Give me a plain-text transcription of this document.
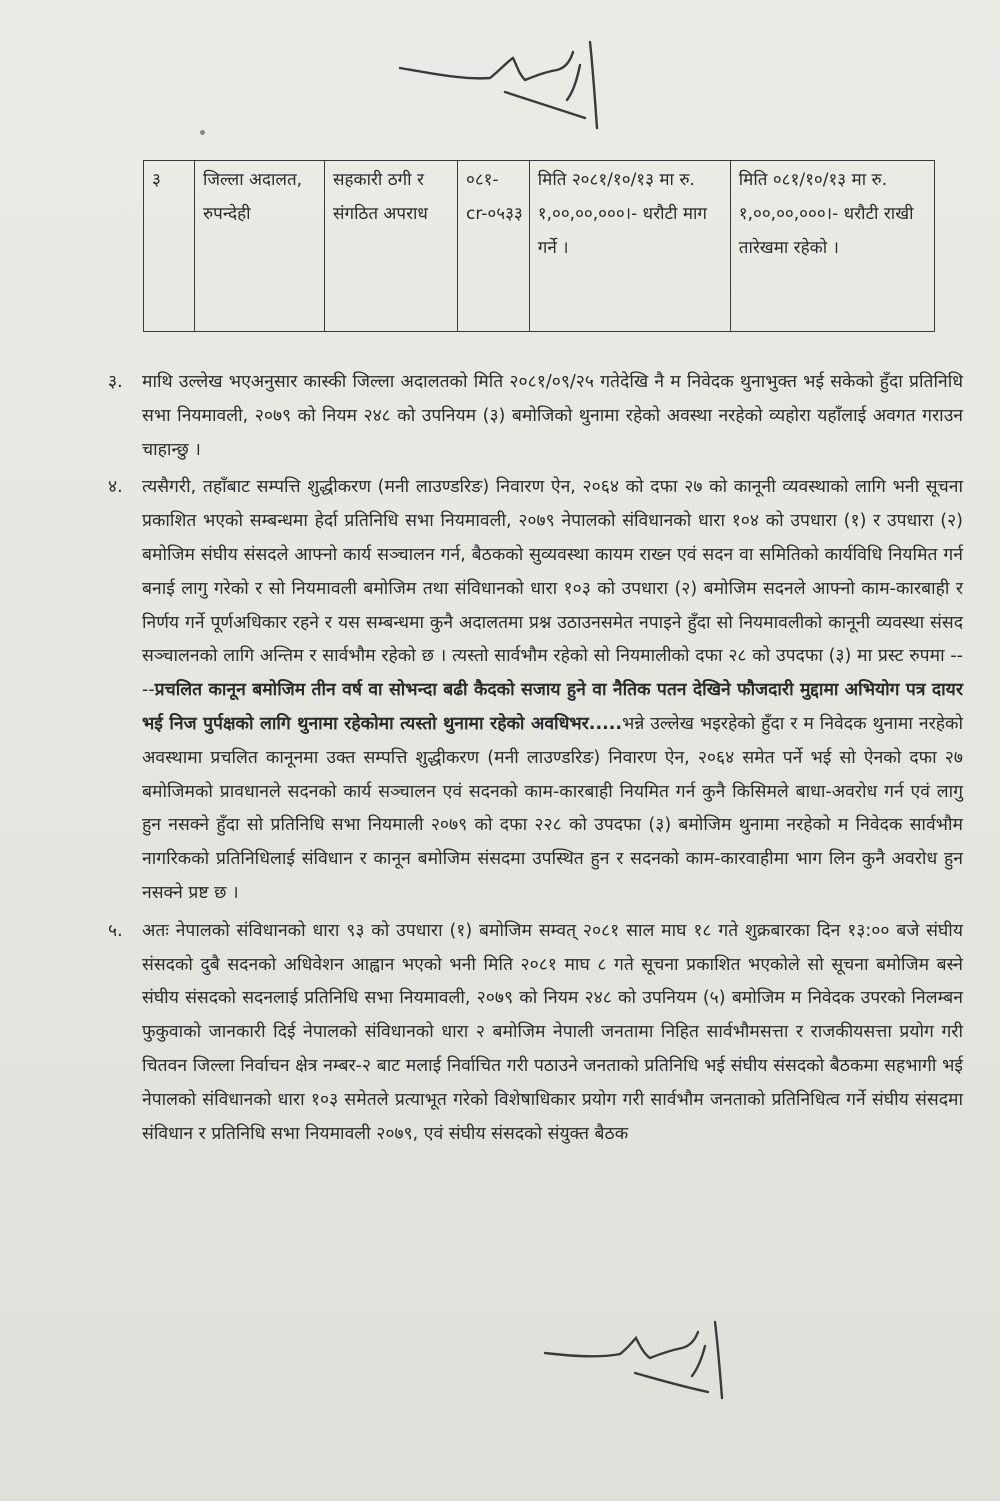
३	जिल्ला अदालत, रुपन्देही	सहकारी ठगी र संगठित अपराध	०८१-cr-०५३३	मिति २०८१/१०/१३ मा रु. १,००,००,०००।- धरौटी माग गर्ने ।	मिति ०८१/१०/१३ मा रु. १,००,००,०००।- धरौटी राखी तारेखमा रहेको ।
३.	माथि उल्लेख भएअनुसार कास्की जिल्ला अदालतको मिति २०८१/०९/२५ गतेदेखि नै म निवेदक थुनाभुक्त भई सकेको हुँदा प्रतिनिधि सभा नियमावली, २०७९ को नियम २४८ को उपनियम (३) बमोजिको थुनामा रहेको अवस्था नरहेको व्यहोरा यहाँलाई अवगत गराउन चाहान्छु ।
४.	त्यसैगरी, तहाँबाट सम्पत्ति शुद्धीकरण (मनी लाउण्डरिङ) निवारण ऐन, २०६४ को दफा २७ को कानूनी व्यवस्थाको लागि भनी सूचना प्रकाशित भएको सम्बन्धमा हेर्दा प्रतिनिधि सभा नियमावली, २०७९ नेपालको संविधानको धारा १०४ को उपधारा (१) र उपधारा (२) बमोजिम संघीय संसदले आफ्नो कार्य सञ्चालन गर्न, बैठकको सुव्यवस्था कायम राख्न एवं सदन वा समितिको कार्यविधि नियमित गर्न बनाई लागु गरेको र सो नियमावली बमोजिम तथा संविधानको धारा १०३ को उपधारा (२) बमोजिम सदनले आफ्नो काम-कारबाही र निर्णय गर्ने पूर्णअधिकार रहने र यस सम्बन्धमा कुनै अदालतमा प्रश्न उठाउनसमेत नपाइने हुँदा सो नियमावलीको कानूनी व्यवस्था संसद सञ्चालनको लागि अन्तिम र सार्वभौम रहेको छ । त्यस्तो सार्वभौम रहेको सो नियमालीको दफा २८ को उपदफा (३) मा प्रस्ट रुपमा ----प्रचलित कानून बमोजिम तीन वर्ष वा सोभन्दा बढी कैदको सजाय हुने वा नैतिक पतन देखिने फौजदारी मुद्दामा अभियोग पत्र दायर भई निज पुर्पक्षको लागि थुनामा रहेकोमा त्यस्तो थुनामा रहेको अवधिभर.....भन्ने उल्लेख भइरहेको हुँदा र म निवेदक थुनामा नरहेको अवस्थामा प्रचलित कानूनमा उक्त सम्पत्ति शुद्धीकरण (मनी लाउण्डरिङ) निवारण ऐन, २०६४ समेत पर्ने भई सो ऐनको दफा २७ बमोजिमको प्रावधानले सदनको कार्य सञ्चालन एवं सदनको काम-कारबाही नियमित गर्न कुनै किसिमले बाधा-अवरोध गर्न एवं लागु हुन नसक्ने हुँदा सो प्रतिनिधि सभा नियमाली २०७९ को दफा २२८ को उपदफा (३) बमोजिम थुनामा नरहेको म निवेदक सार्वभौम नागरिकको प्रतिनिधिलाई संविधान र कानून बमोजिम संसदमा उपस्थित हुन र सदनको काम-कारवाहीमा भाग लिन कुनै अवरोध हुन नसक्ने प्रष्ट छ ।
५.	अतः नेपालको संविधानको धारा ९३ को उपधारा (१) बमोजिम सम्वत् २०८१ साल माघ १८ गते शुक्रबारका दिन १३:०० बजे संघीय संसदको दुबै सदनको अधिवेशन आह्वान भएको भनी मिति २०८१ माघ ८ गते सूचना प्रकाशित भएकोले सो सूचना बमोजिम बस्ने संघीय संसदको सदनलाई प्रतिनिधि सभा नियमावली, २०७९ को नियम २४८ को उपनियम (५) बमोजिम म निवेदक उपरको निलम्बन फुकुवाको जानकारी दिई नेपालको संविधानको धारा २ बमोजिम नेपाली जनतामा निहित सार्वभौमसत्ता र राजकीयसत्ता प्रयोग गरी चितवन जिल्ला निर्वाचन क्षेत्र नम्बर-२ बाट मलाई निर्वाचित गरी पठाउने जनताको प्रतिनिधि भई संघीय संसदको बैठकमा सहभागी भई नेपालको संविधानको धारा १०३ समेतले प्रत्याभूत गरेको विशेषाधिकार प्रयोग गरी सार्वभौम जनताको प्रतिनिधित्व गर्ने संघीय संसदमा संविधान र प्रतिनिधि सभा नियमावली २०७९, एवं संघीय संसदको संयुक्त बैठक
